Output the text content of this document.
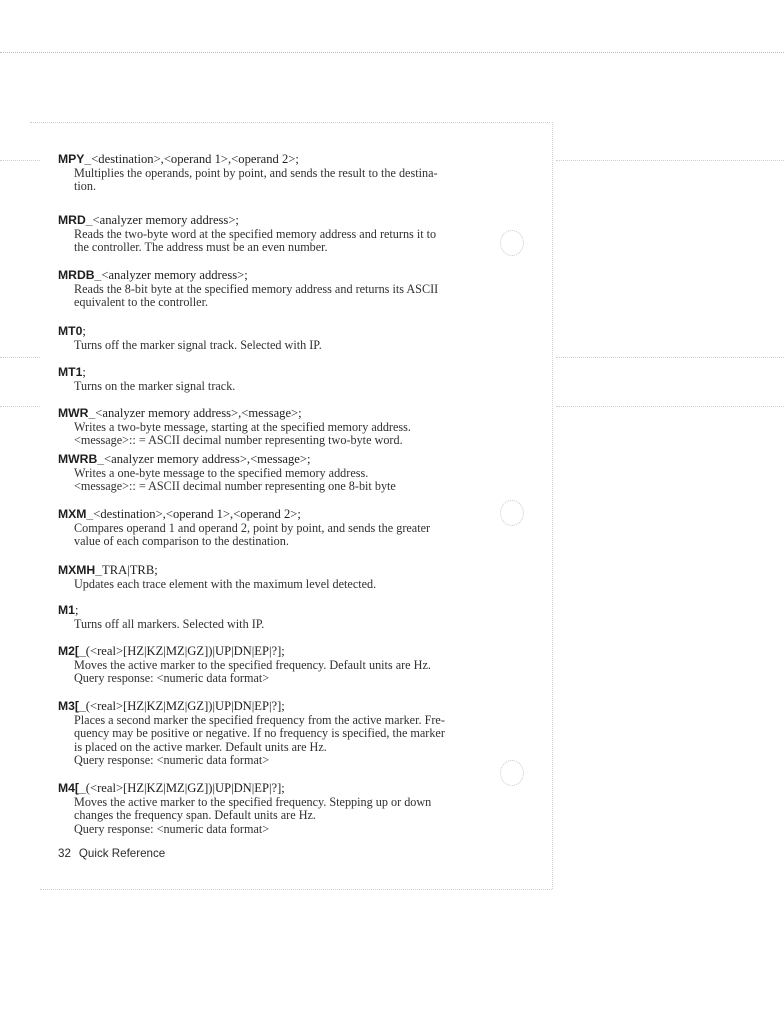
MPY_<destination>,<operand 1>,<operand 2>;
Multiplies the operands, point by point, and sends the result to the destina-
tion.
MRD_<analyzer memory address>;
Reads the two-byte word at the specified memory address and returns it to
the controller. The address must be an even number.
MRDB_<analyzer memory address>;
Reads the 8-bit byte at the specified memory address and returns its ASCII
equivalent to the controller.
MT0;
Turns off the marker signal track. Selected with IP.
MT1;
Turns on the marker signal track.
MWR_<analyzer memory address>,<message>;
Writes a two-byte message, starting at the specified memory address.
<message>:: = ASCII decimal number representing two-byte word.
MWRB_<analyzer memory address>,<message>;
Writes a one-byte message to the specified memory address.
<message>:: = ASCII decimal number representing one 8-bit byte
MXM_<destination>,<operand 1>,<operand 2>;
Compares operand 1 and operand 2, point by point, and sends the greater
value of each comparison to the destination.
MXMH_TRA|TRB;
Updates each trace element with the maximum level detected.
M1;
Turns off all markers. Selected with IP.
M2[_(<real>[HZ|KZ|MZ|GZ])|UP|DN|EP|?];
Moves the active marker to the specified frequency. Default units are Hz.
Query response: <numeric data format>
M3[_(<real>[HZ|KZ|MZ|GZ])|UP|DN|EP|?];
Places a second marker the specified frequency from the active marker. Fre-
quency may be positive or negative. If no frequency is specified, the marker
is placed on the active marker. Default units are Hz.
Query response: <numeric data format>
M4[_(<real>[HZ|KZ|MZ|GZ])|UP|DN|EP|?];
Moves the active marker to the specified frequency. Stepping up or down
changes the frequency span. Default units are Hz.
Query response: <numeric data format>
32 Quick Reference
